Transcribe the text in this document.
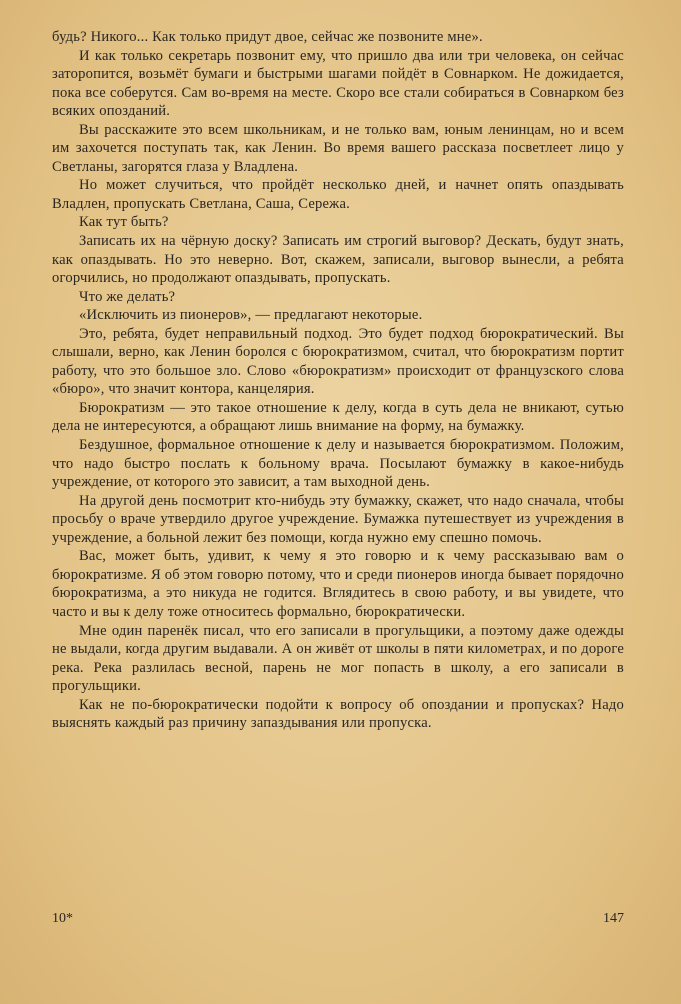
будь? Никого... Как только придут двое, сейчас же позвоните мне».

И как только секретарь позвонит ему, что пришло два или три человека, он сейчас заторопится, возьмёт бумаги и быстрыми шагами пойдёт в Совнарком. Не дожидается, пока все соберутся. Сам во-время на месте. Скоро все стали собираться в Совнарком без всяких опозданий.

Вы расскажите это всем школьникам, и не только вам, юным ленинцам, но и всем им захочется поступать так, как Ленин. Во время вашего рассказа посветлеет лицо у Светланы, загорятся глаза у Владлена.

Но может случиться, что пройдёт несколько дней, и начнет опять опаздывать Владлен, пропускать Светлана, Саша, Сережа.

Как тут быть?

Записать их на чёрную доску? Записать им строгий выговор? Дескать, будут знать, как опаздывать. Но это неверно. Вот, скажем, записали, выговор вынесли, а ребята огорчились, но продолжают опаздывать, пропускать.

Что же делать?

«Исключить из пионеров», — предлагают некоторые.

Это, ребята, будет неправильный подход. Это будет подход бюрократический. Вы слышали, верно, как Ленин боролся с бюрократизмом, считал, что бюрократизм портит работу, что это большое зло. Слово «бюрократизм» происходит от французского слова «бюро», что значит контора, канцелярия.

Бюрократизм — это такое отношение к делу, когда в суть дела не вникают, сутью дела не интересуются, а обращают лишь внимание на форму, на бумажку.

Бездушное, формальное отношение к делу и называется бюрократизмом. Положим, что надо быстро послать к больному врача. Посылают бумажку в какое-нибудь учреждение, от которого это зависит, а там выходной день.

На другой день посмотрит кто-нибудь эту бумажку, скажет, что надо сначала, чтобы просьбу о враче утвердило другое учреждение. Бумажка путешествует из учреждения в учреждение, а больной лежит без помощи, когда нужно ему спешно помочь.

Вас, может быть, удивит, к чему я это говорю и к чему рассказываю вам о бюрократизме. Я об этом говорю потому, что и среди пионеров иногда бывает порядочно бюрократизма, а это никуда не годится. Вглядитесь в свою работу, и вы увидете, что часто и вы к делу тоже относитесь формально, бюрократически.

Мне один паренёк писал, что его записали в прогульщики, а поэтому даже одежды не выдали, когда другим выдавали. А он живёт от школы в пяти километрах, и по дороге река. Река разлилась весной, парень не мог попасть в школу, а его записали в прогульщики.

Как не по-бюрократически подойти к вопросу об опоздании и пропусках? Надо выяснять каждый раз причину запаздывания или пропуска.

10*	147
